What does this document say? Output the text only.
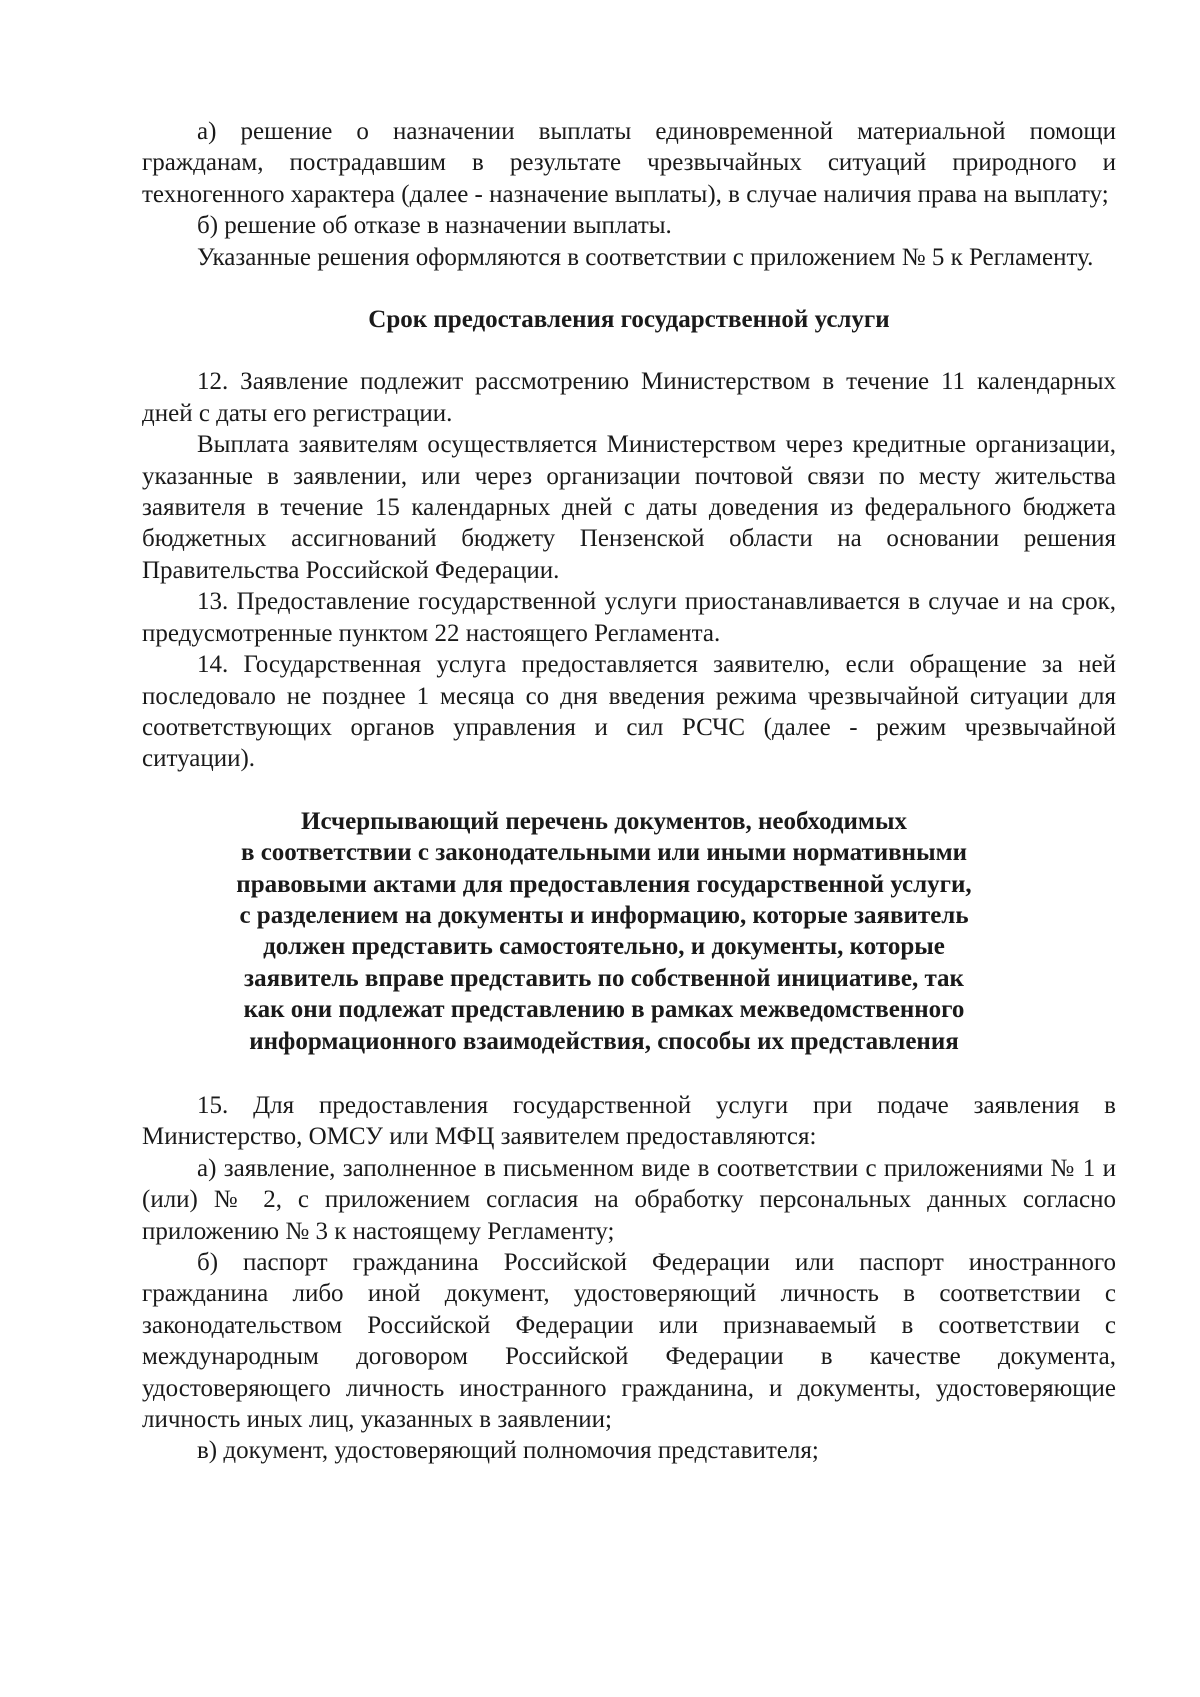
а) решение о назначении выплаты единовременной материальной помощи гражданам, пострадавшим в результате чрезвычайных ситуаций природного и техногенного характера (далее - назначение выплаты), в случае наличия права на выплату;

б) решение об отказе в назначении выплаты.

Указанные решения оформляются в соответствии с приложением № 5 к Регламенту.

Срок предоставления государственной услуги

12. Заявление подлежит рассмотрению Министерством в течение 11 календарных дней с даты его регистрации.

Выплата заявителям осуществляется Министерством через кредитные организации, указанные в заявлении, или через организации почтовой связи по месту жительства заявителя в течение 15 календарных дней с даты доведения из федерального бюджета бюджетных ассигнований бюджету Пензенской области на основании решения Правительства Российской Федерации.

13. Предоставление государственной услуги приостанавливается в случае и на срок, предусмотренные пунктом 22 настоящего Регламента.

14. Государственная услуга предоставляется заявителю, если обращение за ней последовало не позднее 1 месяца со дня введения режима чрезвычайной ситуации для соответствующих органов управления и сил РСЧС (далее - режим чрезвычайной ситуации).

Исчерпывающий перечень документов, необходимых
в соответствии с законодательными или иными нормативными
правовыми актами для предоставления государственной услуги,
с разделением на документы и информацию, которые заявитель
должен представить самостоятельно, и документы, которые
заявитель вправе представить по собственной инициативе, так
как они подлежат представлению в рамках межведомственного
информационного взаимодействия, способы их представления

15. Для предоставления государственной услуги при подаче заявления в Министерство, ОМСУ или МФЦ заявителем предоставляются:

а) заявление, заполненное в письменном виде в соответствии с приложениями № 1 и (или) № 2, с приложением согласия на обработку персональных данных согласно приложению № 3 к настоящему Регламенту;

б) паспорт гражданина Российской Федерации или паспорт иностранного гражданина либо иной документ, удостоверяющий личность в соответствии с законодательством Российской Федерации или признаваемый в соответствии с международным договором Российской Федерации в качестве документа, удостоверяющего личность иностранного гражданина, и документы, удостоверяющие личность иных лиц, указанных в заявлении;

в) документ, удостоверяющий полномочия представителя;
